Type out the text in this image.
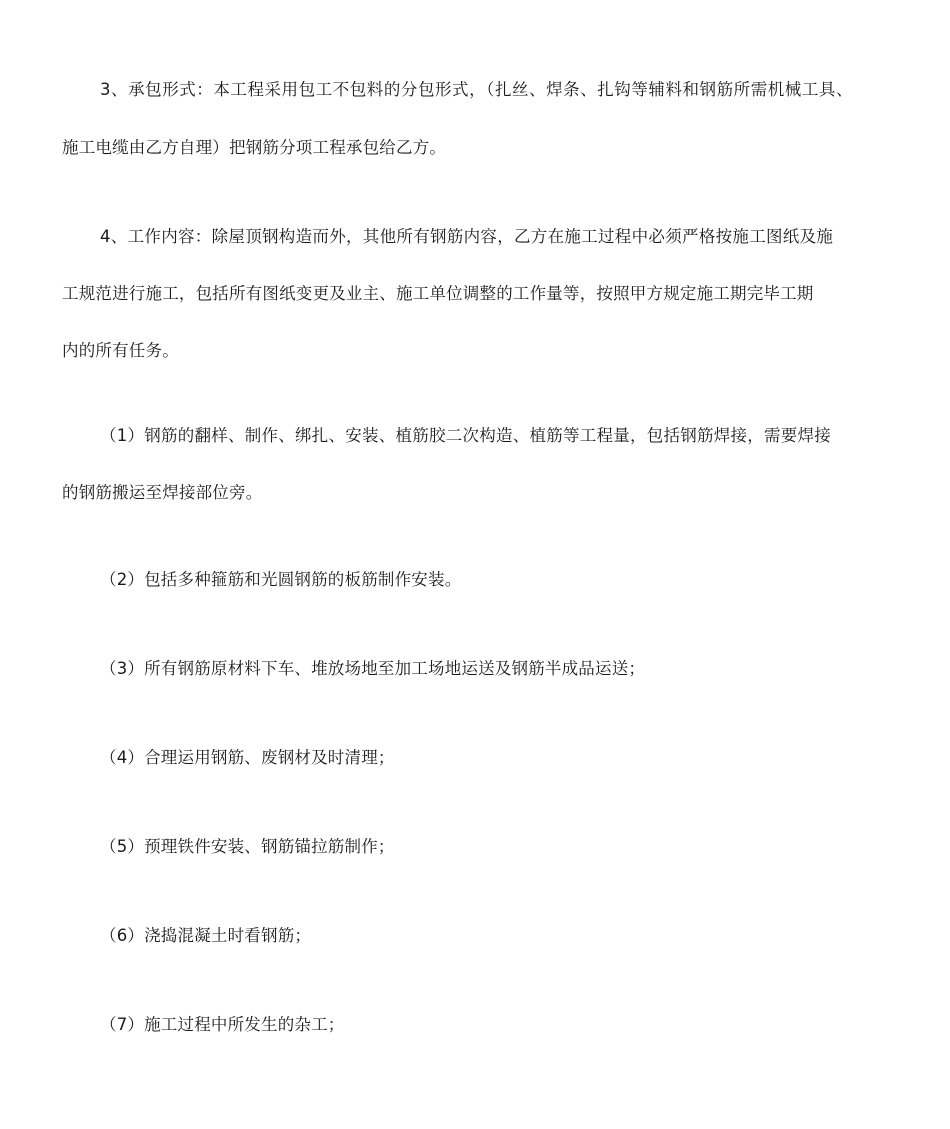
3、承包形式：本工程采用包工不包料的分包形式，（扎丝、焊条、扎钩等辅料和钢筋所需机械工具、
施工电缆由乙方自理）把钢筋分项工程承包给乙方。
4、工作内容：除屋顶钢构造而外，其他所有钢筋内容，乙方在施工过程中必须严格按施工图纸及施
工规范进行施工，包括所有图纸变更及业主、施工单位调整的工作量等，按照甲方规定施工期完毕工期
内的所有任务。
（1）钢筋的翻样、制作、绑扎、安装、植筋胶二次构造、植筋等工程量，包括钢筋焊接，需要焊接
的钢筋搬运至焊接部位旁。
（2）包括多种箍筋和光圆钢筋的板筋制作安装。
（3）所有钢筋原材料下车、堆放场地至加工场地运送及钢筋半成品运送；
（4）合理运用钢筋、废钢材及时清理；
（5）预理铁件安装、钢筋锚拉筋制作；
（6）浇捣混凝土时看钢筋；
（7）施工过程中所发生的杂工；
